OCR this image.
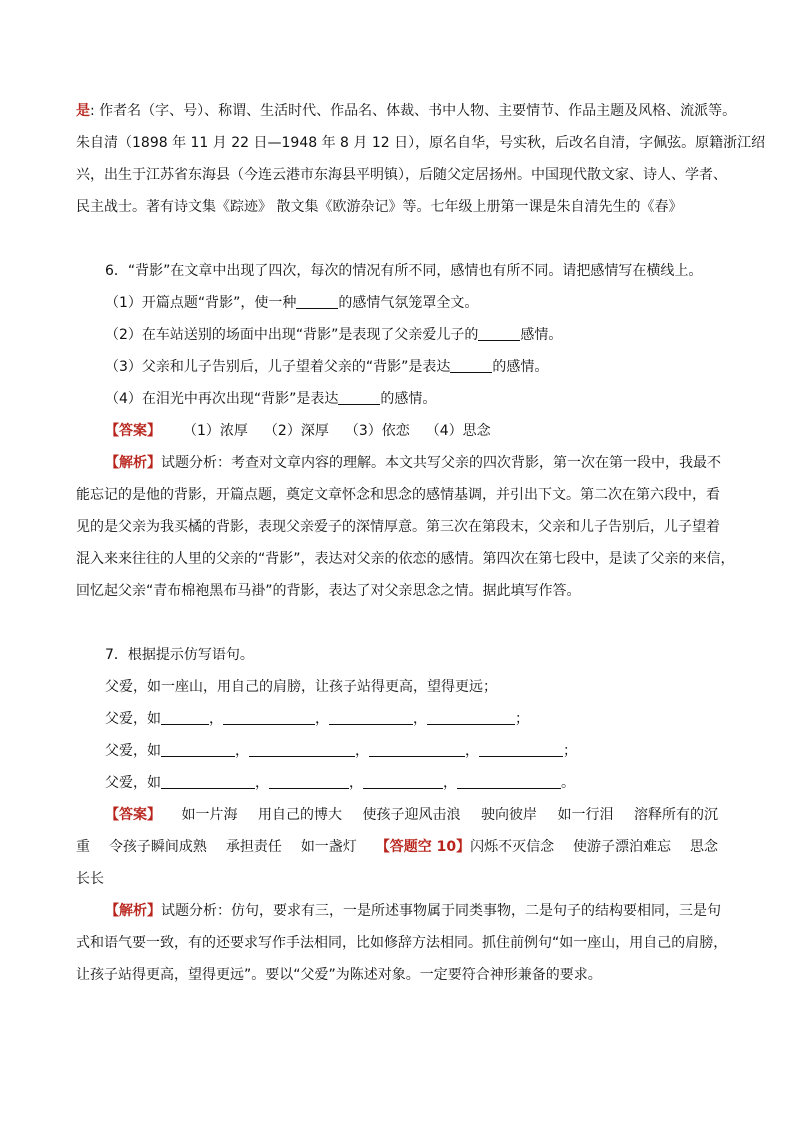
是: 作者名（字、号）、称谓、生活时代、作品名、体裁、书中人物、主要情节、作品主题及风格、流派等。
朱自清（1898 年 11 月 22 日—1948 年 8 月 12 日），原名自华，号实秋，后改名自清，字佩弦。原籍浙江绍
兴，出生于江苏省东海县（今连云港市东海县平明镇），后随父定居扬州。中国现代散文家、诗人、学者、
民主战士。著有诗文集《踪迹》 散文集《欧游杂记》等。七年级上册第一课是朱自清先生的《春》
6．“背影”在文章中出现了四次，每次的情况有所不同，感情也有所不同。请把感情写在横线上。
（1）开篇点题“背影”，使一种	的感情气氛笼罩全文。
（2）在车站送别的场面中出现“背影”是表现了父亲爱儿子的	感情。
（3）父亲和儿子告别后，儿子望着父亲的“背影”是表达	的感情。
（4）在泪光中再次出现“背影”是表达	的感情。
【答案】 （1）浓厚 （2）深厚 （3）依恋 （4）思念
【解析】试题分析：考查对文章内容的理解。本文共写父亲的四次背影，第一次在第一段中，我最不
能忘记的是他的背影，开篇点题，奠定文章怀念和思念的感情基调，并引出下文。第二次在第六段中，看
见的是父亲为我买橘的背影，表现父亲爱子的深情厚意。第三次在第段末，父亲和儿子告别后，儿子望着
混入来来往往的人里的父亲的“背影”，表达对父亲的依恋的感情。第四次在第七段中，是读了父亲的来信，
回忆起父亲“青布棉袍黑布马褂”的背影，表达了对父亲思念之情。据此填写作答。
7．根据提示仿写语句。
父爱，如一座山，用自己的肩膀，让孩子站得更高，望得更远；
父爱，如	，	，	，	；
父爱，如	，	，	，	；
父爱，如	，	，	，	。
【答案】 如一片海 用自己的博大 使孩子迎风击浪 驶向彼岸 如一行泪 溶释所有的沉
重 令孩子瞬间成熟 承担责任 如一盏灯 【答题空 10】闪烁不灭信念 使游子漂泊难忘 思念
长长
【解析】试题分析：仿句，要求有三，一是所述事物属于同类事物，二是句子的结构要相同，三是句
式和语气要一致，有的还要求写作手法相同，比如修辞方法相同。抓住前例句“如一座山，用自己的肩膀，
让孩子站得更高，望得更远”。要以“父爱”为陈述对象。一定要符合神形兼备的要求。
